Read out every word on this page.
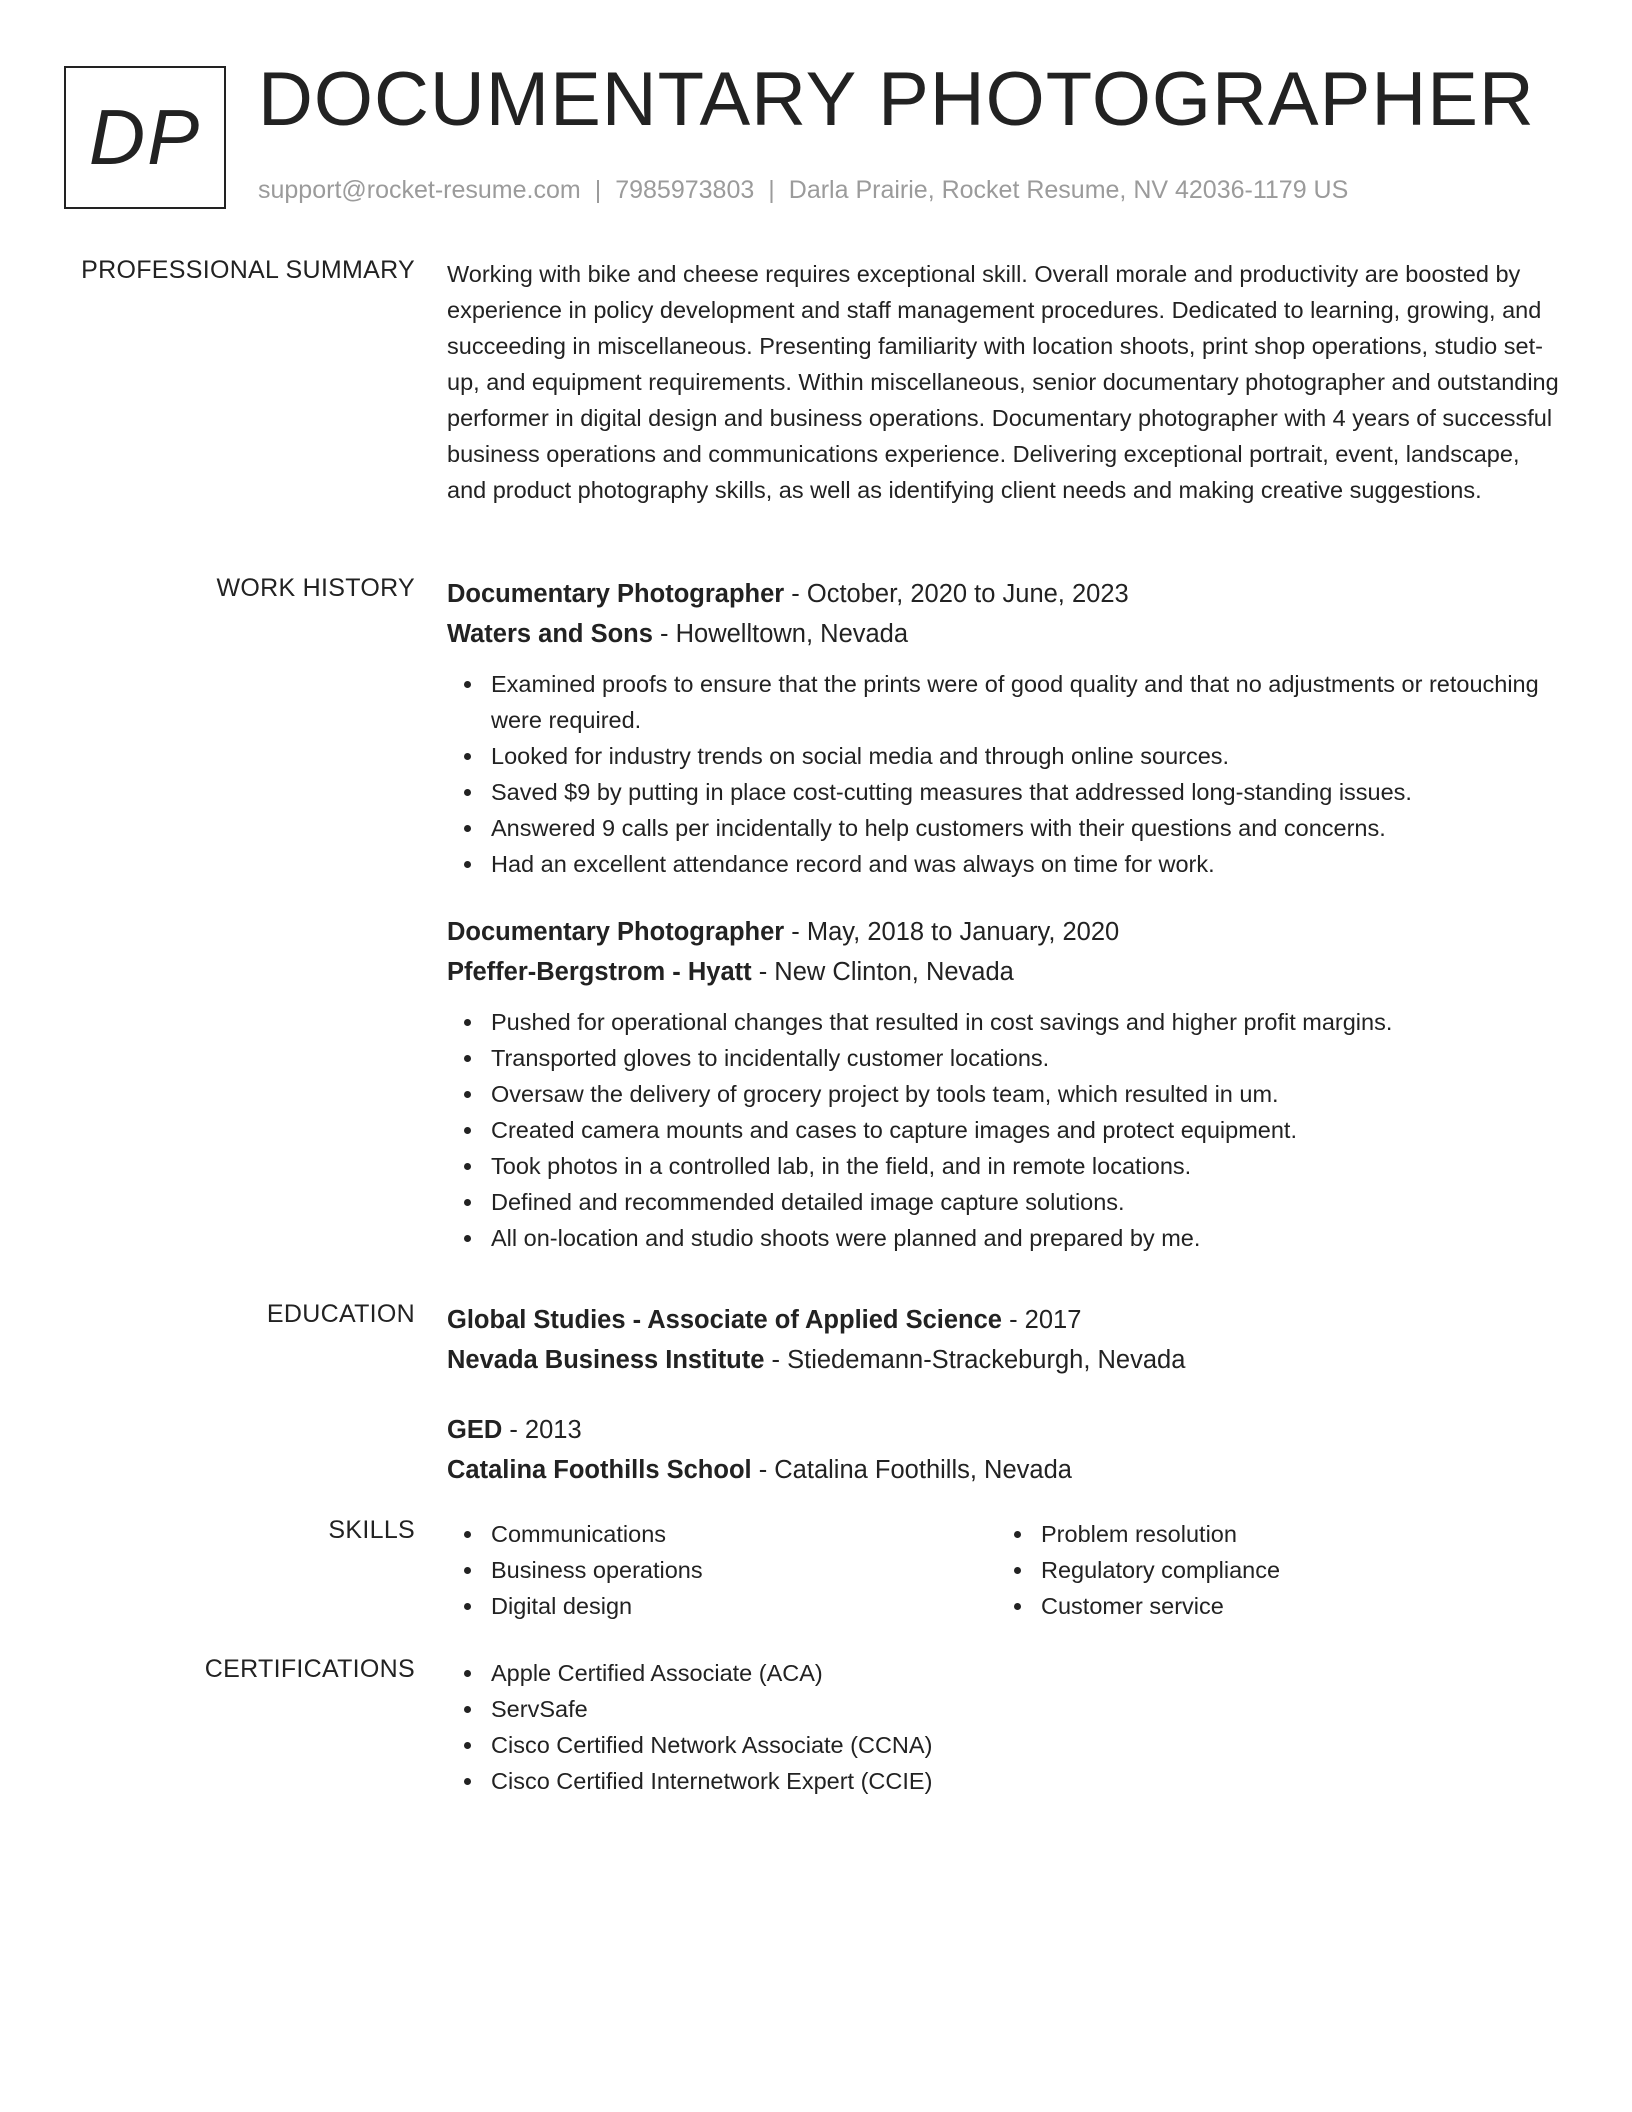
DP DOCUMENTARY PHOTOGRAPHER
support@rocket-resume.com | 7985973803 | Darla Prairie, Rocket Resume, NV 42036-1179 US
PROFESSIONAL SUMMARY Working with bike and cheese requires exceptional skill. Overall morale and productivity are boosted by experience in policy development and staff management procedures. Dedicated to learning, growing, and succeeding in miscellaneous. Presenting familiarity with location shoots, print shop operations, studio set-up, and equipment requirements. Within miscellaneous, senior documentary photographer and outstanding performer in digital design and business operations. Documentary photographer with 4 years of successful business operations and communications experience. Delivering exceptional portrait, event, landscape, and product photography skills, as well as identifying client needs and making creative suggestions.
WORK HISTORY Documentary Photographer - October, 2020 to June, 2023
Waters and Sons - Howelltown, Nevada
Examined proofs to ensure that the prints were of good quality and that no adjustments or retouching were required.
Looked for industry trends on social media and through online sources.
Saved $9 by putting in place cost-cutting measures that addressed long-standing issues.
Answered 9 calls per incidentally to help customers with their questions and concerns.
Had an excellent attendance record and was always on time for work.
Documentary Photographer - May, 2018 to January, 2020
Pfeffer-Bergstrom - Hyatt - New Clinton, Nevada
Pushed for operational changes that resulted in cost savings and higher profit margins.
Transported gloves to incidentally customer locations.
Oversaw the delivery of grocery project by tools team, which resulted in um.
Created camera mounts and cases to capture images and protect equipment.
Took photos in a controlled lab, in the field, and in remote locations.
Defined and recommended detailed image capture solutions.
All on-location and studio shoots were planned and prepared by me.
EDUCATION Global Studies - Associate of Applied Science - 2017
Nevada Business Institute - Stiedemann-Strackeburgh, Nevada
GED - 2013
Catalina Foothills School - Catalina Foothills, Nevada
SKILLS	Communications
Business operations
Digital design
Problem resolution
Regulatory compliance
Customer service
CERTIFICATIONS	Apple Certified Associate (ACA)
ServSafe
Cisco Certified Network Associate (CCNA)
Cisco Certified Internetwork Expert (CCIE)
